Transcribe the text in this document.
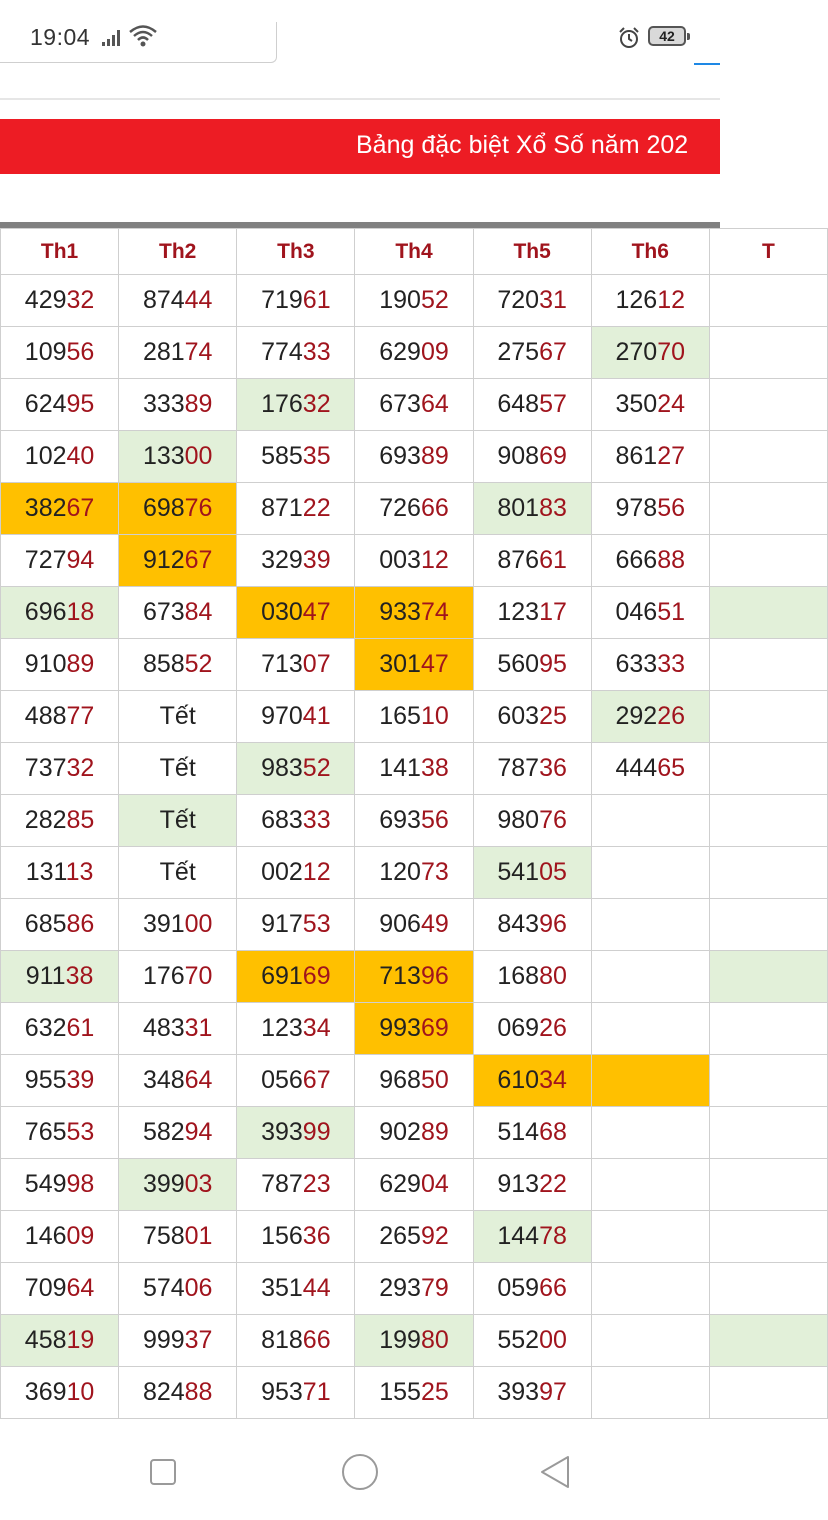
19:04	42
Bảng đặc biệt Xổ Số năm 202
Th1	Th2	Th3	Th4	Th5	Th6	T
42932	87444	71961	19052	72031	12612	
10956	28174	77433	62909	27567	27070	
62495	33389	17632	67364	64857	35024	
10240	13300	58535	69389	90869	86127	
38267	69876	87122	72666	80183	97856	
72794	91267	32939	00312	87661	66688	
69618	67384	03047	93374	12317	04651	
91089	85852	71307	30147	56095	63333	
48877	Tết	97041	16510	60325	29226	
73732	Tết	98352	14138	78736	44465	
28285	Tết	68333	69356	98076		
13113	Tết	00212	12073	54105		
68586	39100	91753	90649	84396		
91138	17670	69169	71396	16880		
63261	48331	12334	99369	06926		
95539	34864	05667	96850	61034		
76553	58294	39399	90289	51468		
54998	39903	78723	62904	91322		
14609	75801	15636	26592	14478		
70964	57406	35144	29379	05966		
45819	99937	81866	19980	55200		
36910	82488	95371	15525	39397		
